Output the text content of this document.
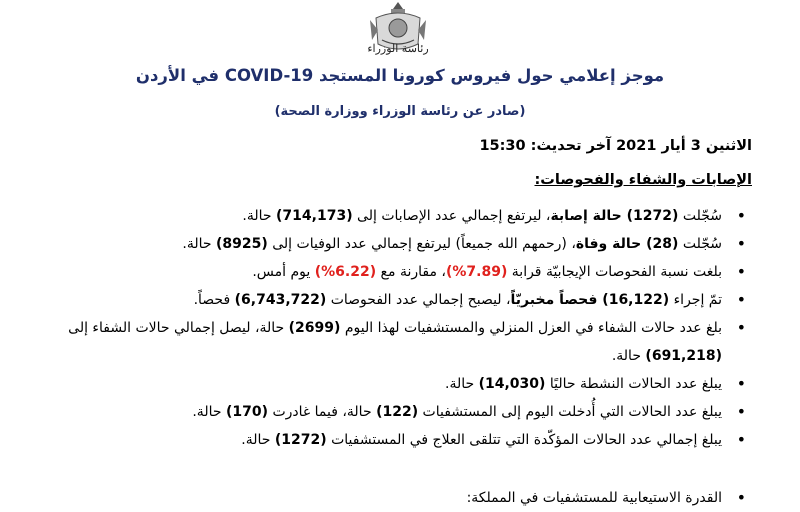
رئاسة الوزراء
موجز إعلامي حول فيروس كورونا المستجد COVID-19 في الأردن
(صادر عن رئاسة الوزراء ووزارة الصحة)
الاثنين 3 أيار 2021 آخر تحديث: 15:30
الإصابات والشفاء والفحوصات:
• سُجّلت (1272) حالة إصابة، ليرتفع إجمالي عدد الإصابات إلى (714,173) حالة.
• سُجّلت (28) حالة وفاة، (رحمهم الله جميعاً) ليرتفع إجمالي عدد الوفيات إلى (8925) حالة.
• بلغت نسبة الفحوصات الإيجابيّة قرابة (7.89%)، مقارنة مع (6.22%) يوم أمس.
• تمّ إجراء (16,122) فحصاً مخبريّاً، ليصبح إجمالي عدد الفحوصات (6,743,722) فحصاً.
• بلغ عدد حالات الشفاء في العزل المنزلي والمستشفيات لهذا اليوم (2699) حالة، ليصل إجمالي حالات الشفاء إلى (691,218) حالة.
• يبلغ عدد الحالات النشطة حاليًا (14,030) حالة.
• يبلغ عدد الحالات التي أُدخلت اليوم إلى المستشفيات (122) حالة، فيما غادرت (170) حالة.
• يبلغ إجمالي عدد الحالات المؤكّدة التي تتلقى العلاج في المستشفيات (1272) حالة.
• القدرة الاستيعابية للمستشفيات في المملكة:
